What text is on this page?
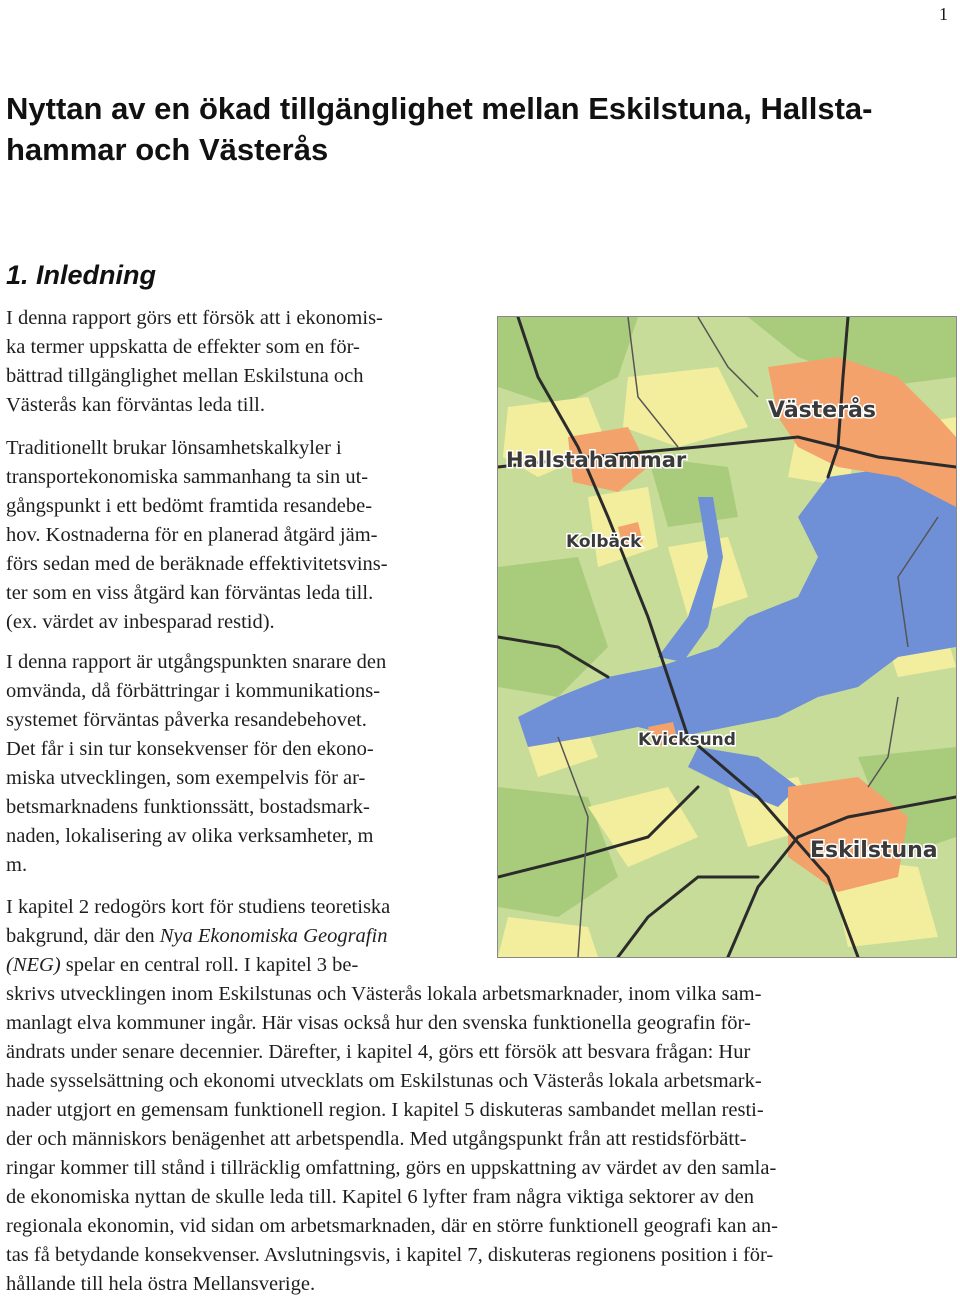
1
Nyttan av en ökad tillgänglighet mellan Eskilstuna, Hallsta-
hammar och Västerås
1. Inledning

I denna rapport görs ett försök att i ekonomis-
ka termer uppskatta de effekter som en för-
bättrad tillgänglighet mellan Eskilstuna och
Västerås kan förväntas leda till.

Traditionellt brukar lönsamhetskalkyler i
transportekonomiska sammanhang ta sin ut-
gångspunkt i ett bedömt framtida resandebe-
hov. Kostnaderna för en planerad åtgärd jäm-
förs sedan med de beräknade effektivitetsvins-
ter som en viss åtgärd kan förväntas leda till.
(ex. värdet av inbesparad restid).

I denna rapport är utgångspunkten snarare den
omvända, då förbättringar i kommunikations-
systemet förväntas påverka resandebehovet.
Det får i sin tur konsekvenser för den ekono-
miska utvecklingen, som exempelvis för ar-
betsmarknadens funktionssätt, bostadsmark-
naden, lokalisering av olika verksamheter, m
m.

I kapitel 2 redogörs kort för studiens teoretiska
bakgrund, där den Nya Ekonomiska Geografin
(NEG) spelar en central roll. I kapitel 3 be-
skrivs utvecklingen inom Eskilstunas och Västerås lokala arbetsmarknader, inom vilka sam-
manlagt elva kommuner ingår. Här visas också hur den svenska funktionella geografin för-
ändrats under senare decennier. Därefter, i kapitel 4, görs ett försök att besvara frågan: Hur
hade sysselsättning och ekonomi utvecklats om Eskilstunas och Västerås lokala arbetsmark-
nader utgjort en gemensam funktionell region. I kapitel 5 diskuteras sambandet mellan resti-
der och människors benägenhet att arbetspendla. Med utgångspunkt från att restidsförbätt-
ringar kommer till stånd i tillräcklig omfattning, görs en uppskattning av värdet av den samla-
de ekonomiska nyttan de skulle leda till. Kapitel 6 lyfter fram några viktiga sektorer av den
regionala ekonomin, vid sidan om arbetsmarknaden, där en större funktionell geografi kan an-
tas få betydande konsekvenser. Avslutningsvis, i kapitel 7, diskuteras regionens position i för-
hållande till hela östra Mellansverige.

Västerås
Hallstahammar
Kolbäck
Kvicksund
Eskilstuna
